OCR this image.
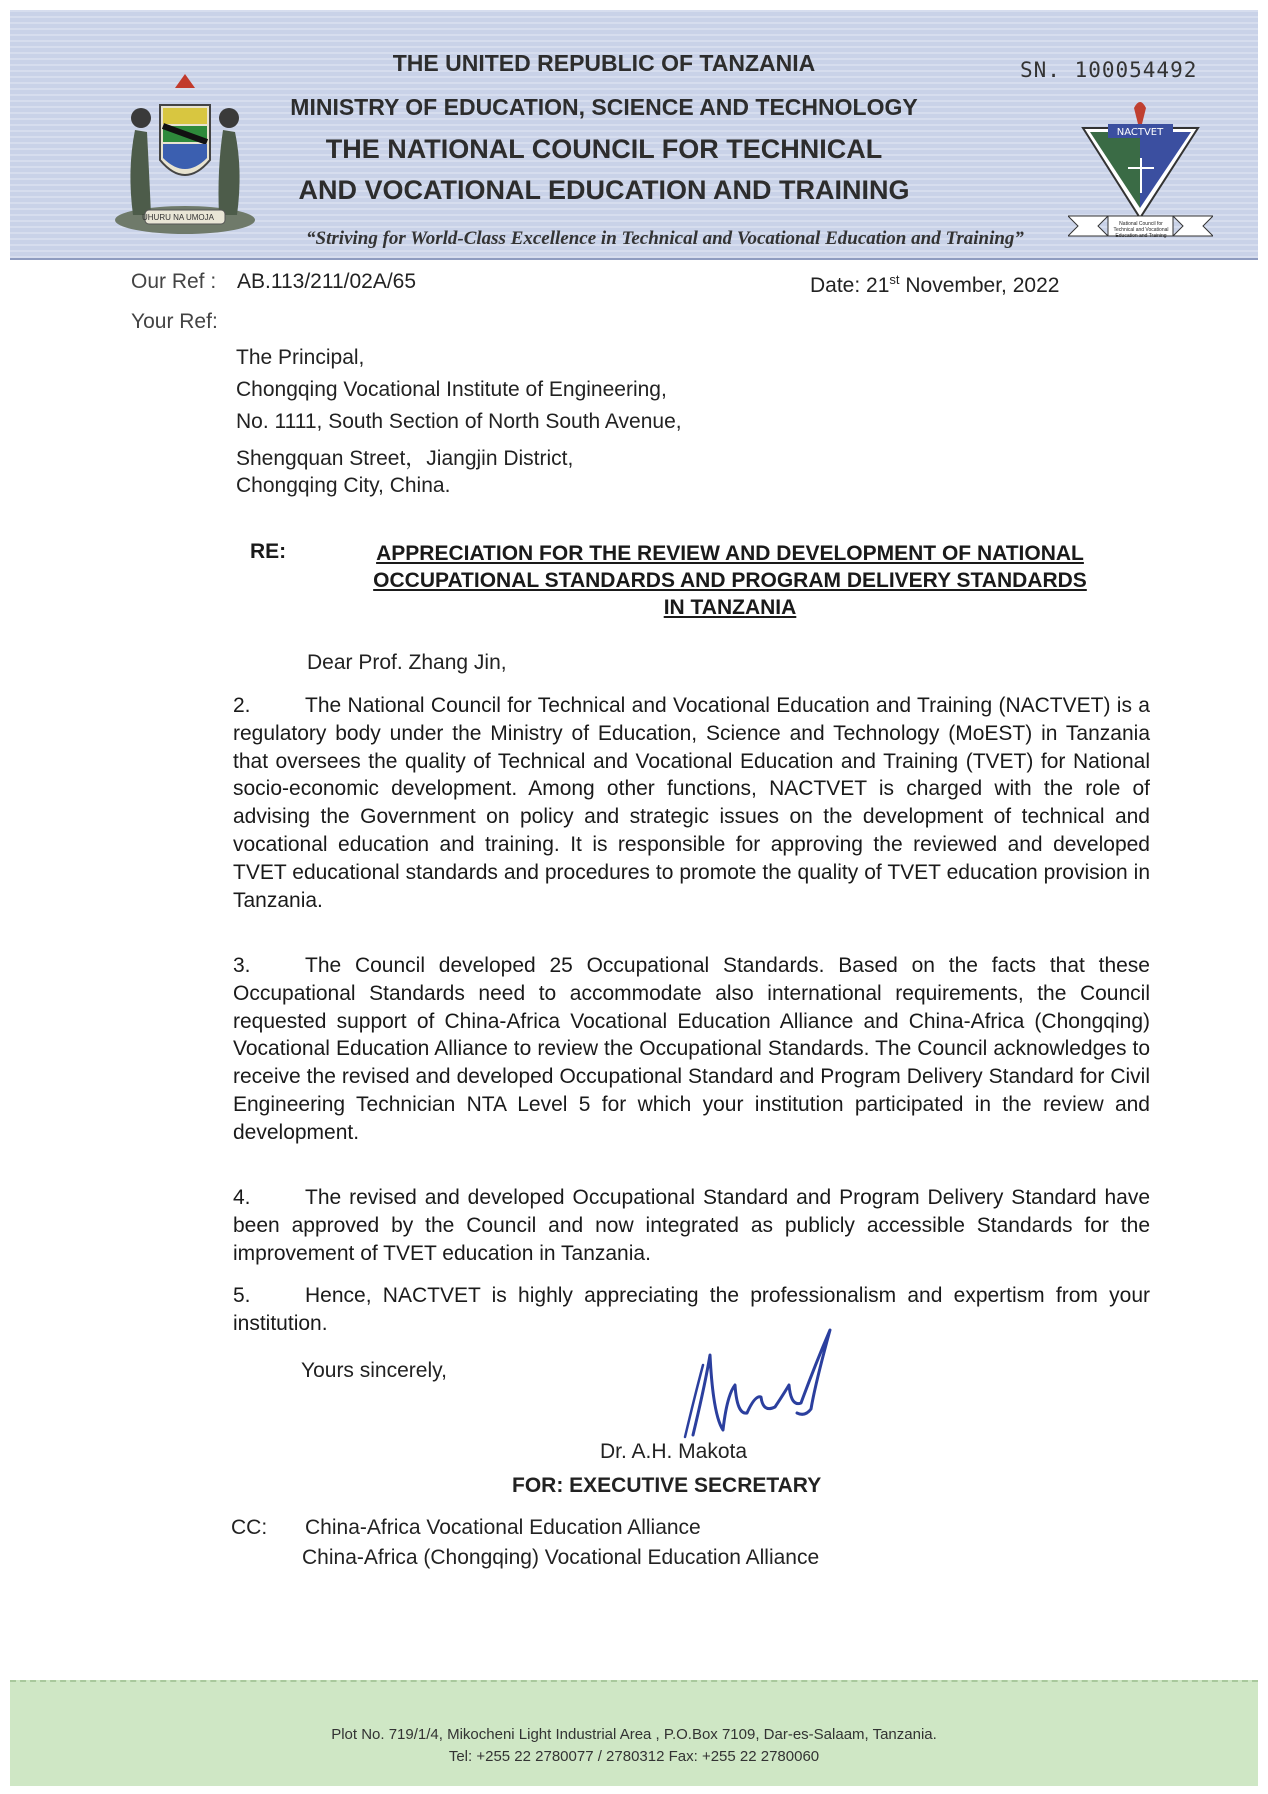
UHURU NA UMOJA
THE UNITED REPUBLIC OF TANZANIA
MINISTRY OF EDUCATION, SCIENCE AND TECHNOLOGY
THE NATIONAL COUNCIL FOR TECHNICAL
AND VOCATIONAL EDUCATION AND TRAINING
SN. 100054492
“Striving for World-Class Excellence in Technical and Vocational Education and Training”
NACTVET
National Council for Technical and Vocational Education and Training
Our Ref : AB.113/211/02A/65
Your Ref:
Date: 21st November, 2022
The Principal,
Chongqing Vocational Institute of Engineering,
No. 1111, South Section of North South Avenue,
Shengquan Street，Jiangjin District,
Chongqing City, China.
RE:	APPRECIATION FOR THE REVIEW AND DEVELOPMENT OF NATIONAL
OCCUPATIONAL STANDARDS AND PROGRAM DELIVERY STANDARDS
IN TANZANIA
Dear Prof. Zhang Jin,

2.	The National Council for Technical and Vocational Education and Training (NACTVET) is a regulatory body under the Ministry of Education, Science and Technology (MoEST) in Tanzania that oversees the quality of Technical and Vocational Education and Training (TVET) for National socio-economic development. Among other functions, NACTVET is charged with the role of advising the Government on policy and strategic issues on the development of technical and vocational education and training. It is responsible for approving the reviewed and developed TVET educational standards and procedures to promote the quality of TVET education provision in Tanzania.

3.	The Council developed 25 Occupational Standards. Based on the facts that these Occupational Standards need to accommodate also international requirements, the Council requested support of China-Africa Vocational Education Alliance and China-Africa (Chongqing) Vocational Education Alliance to review the Occupational Standards. The Council acknowledges to receive the revised and developed Occupational Standard and Program Delivery Standard for Civil Engineering Technician NTA Level 5 for which your institution participated in the review and development.

4.	The revised and developed Occupational Standard and Program Delivery Standard have been approved by the Council and now integrated as publicly accessible Standards for the improvement of TVET education in Tanzania.

5.	Hence, NACTVET is highly appreciating the professionalism and expertism from your institution.

Yours sincerely,
Dr. A.H. Makota
FOR: EXECUTIVE SECRETARY
CC: China-Africa Vocational Education Alliance
China-Africa (Chongqing) Vocational Education Alliance
Plot No. 719/1/4, Mikocheni Light Industrial Area , P.O.Box 7109, Dar-es-Salaam, Tanzania.
Tel: +255 22 2780077 / 2780312 Fax: +255 22 2780060
